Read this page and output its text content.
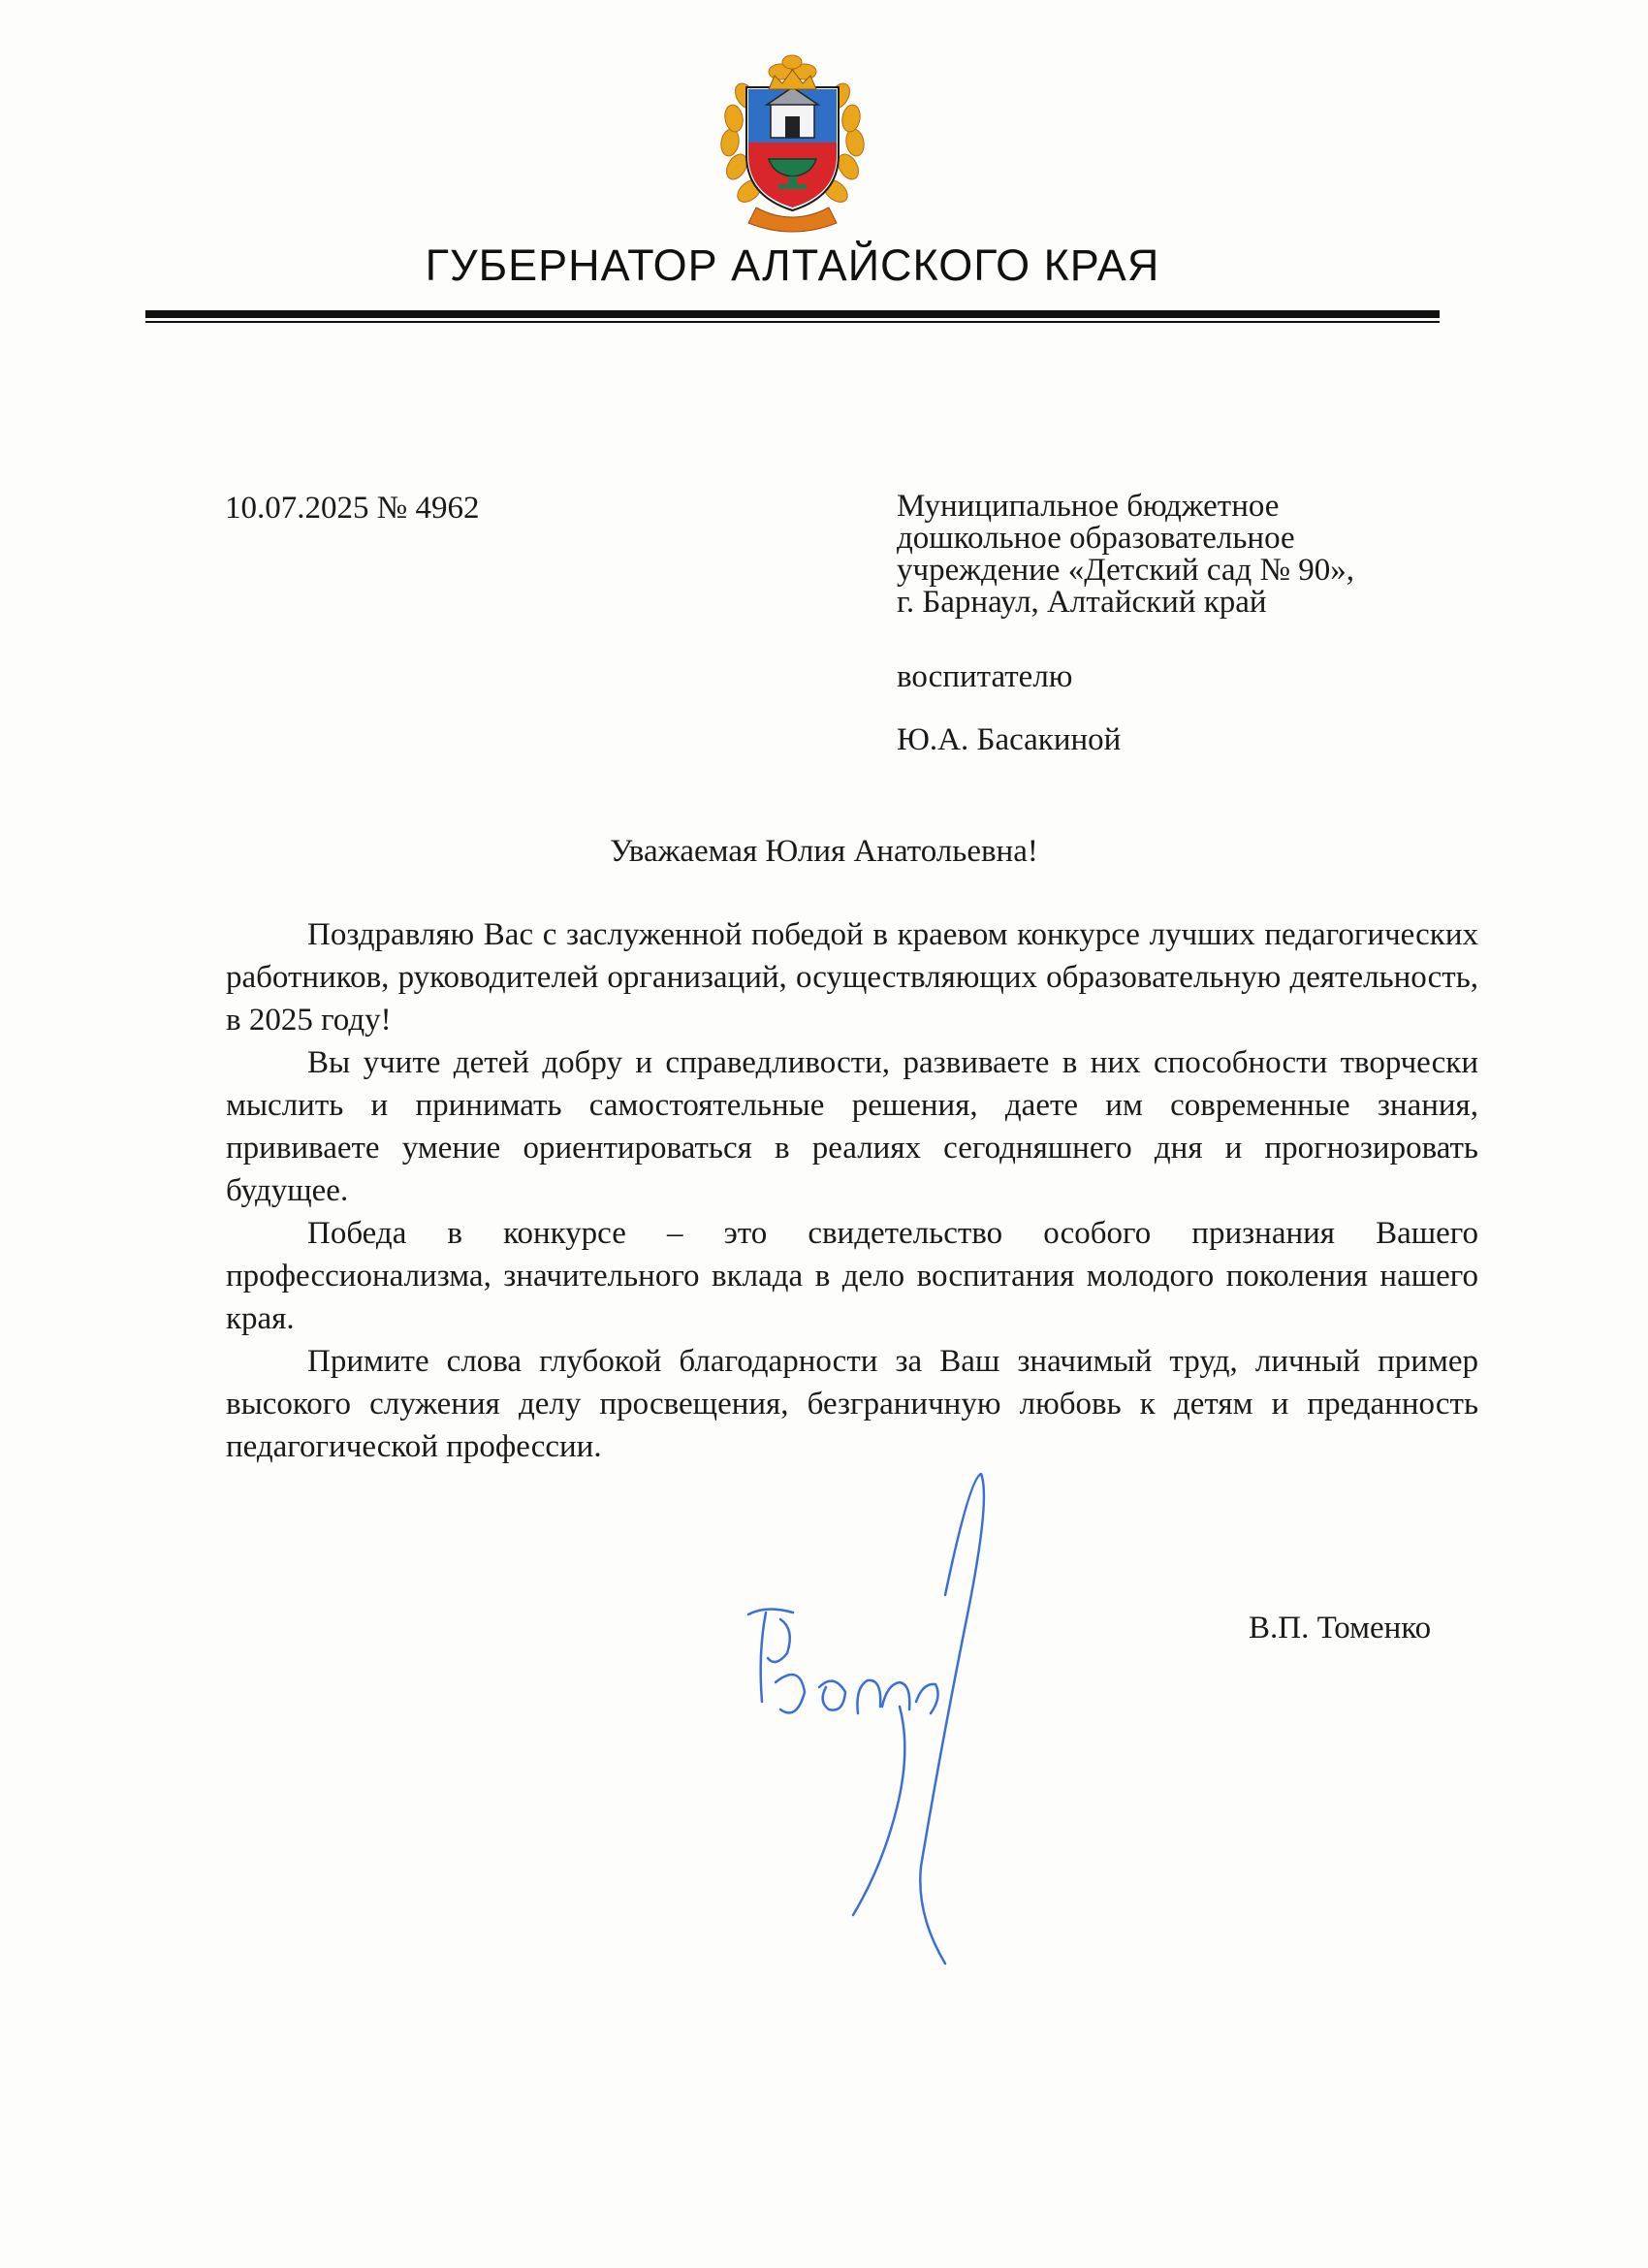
ГУБЕРНАТОР АЛТАЙСКОГО КРАЯ
10.07.2025 № 4962	Муниципальное бюджетное
дошкольное образовательное
учреждение «Детский сад № 90»,
г. Барнаул, Алтайский край
воспитателю
Ю.А. Басакиной
Уважаемая Юлия Анатольевна!

Поздравляю Вас с заслуженной победой в краевом конкурсе лучших педагогических работников, руководителей организаций, осуществляющих образовательную деятельность, в 2025 году!

Вы учите детей добру и справедливости, развиваете в них способности творчески мыслить и принимать самостоятельные решения, даете им современные знания, прививаете умение ориентироваться в реалиях сегодняшнего дня и прогнозировать будущее.

Победа в конкурсе – это свидетельство особого признания Вашего профессионализма, значительного вклада в дело воспитания молодого поколения нашего края.

Примите слова глубокой благодарности за Ваш значимый труд, личный пример высокого служения делу просвещения, безграничную любовь к детям и преданность педагогической профессии.

В.П. Томенко
